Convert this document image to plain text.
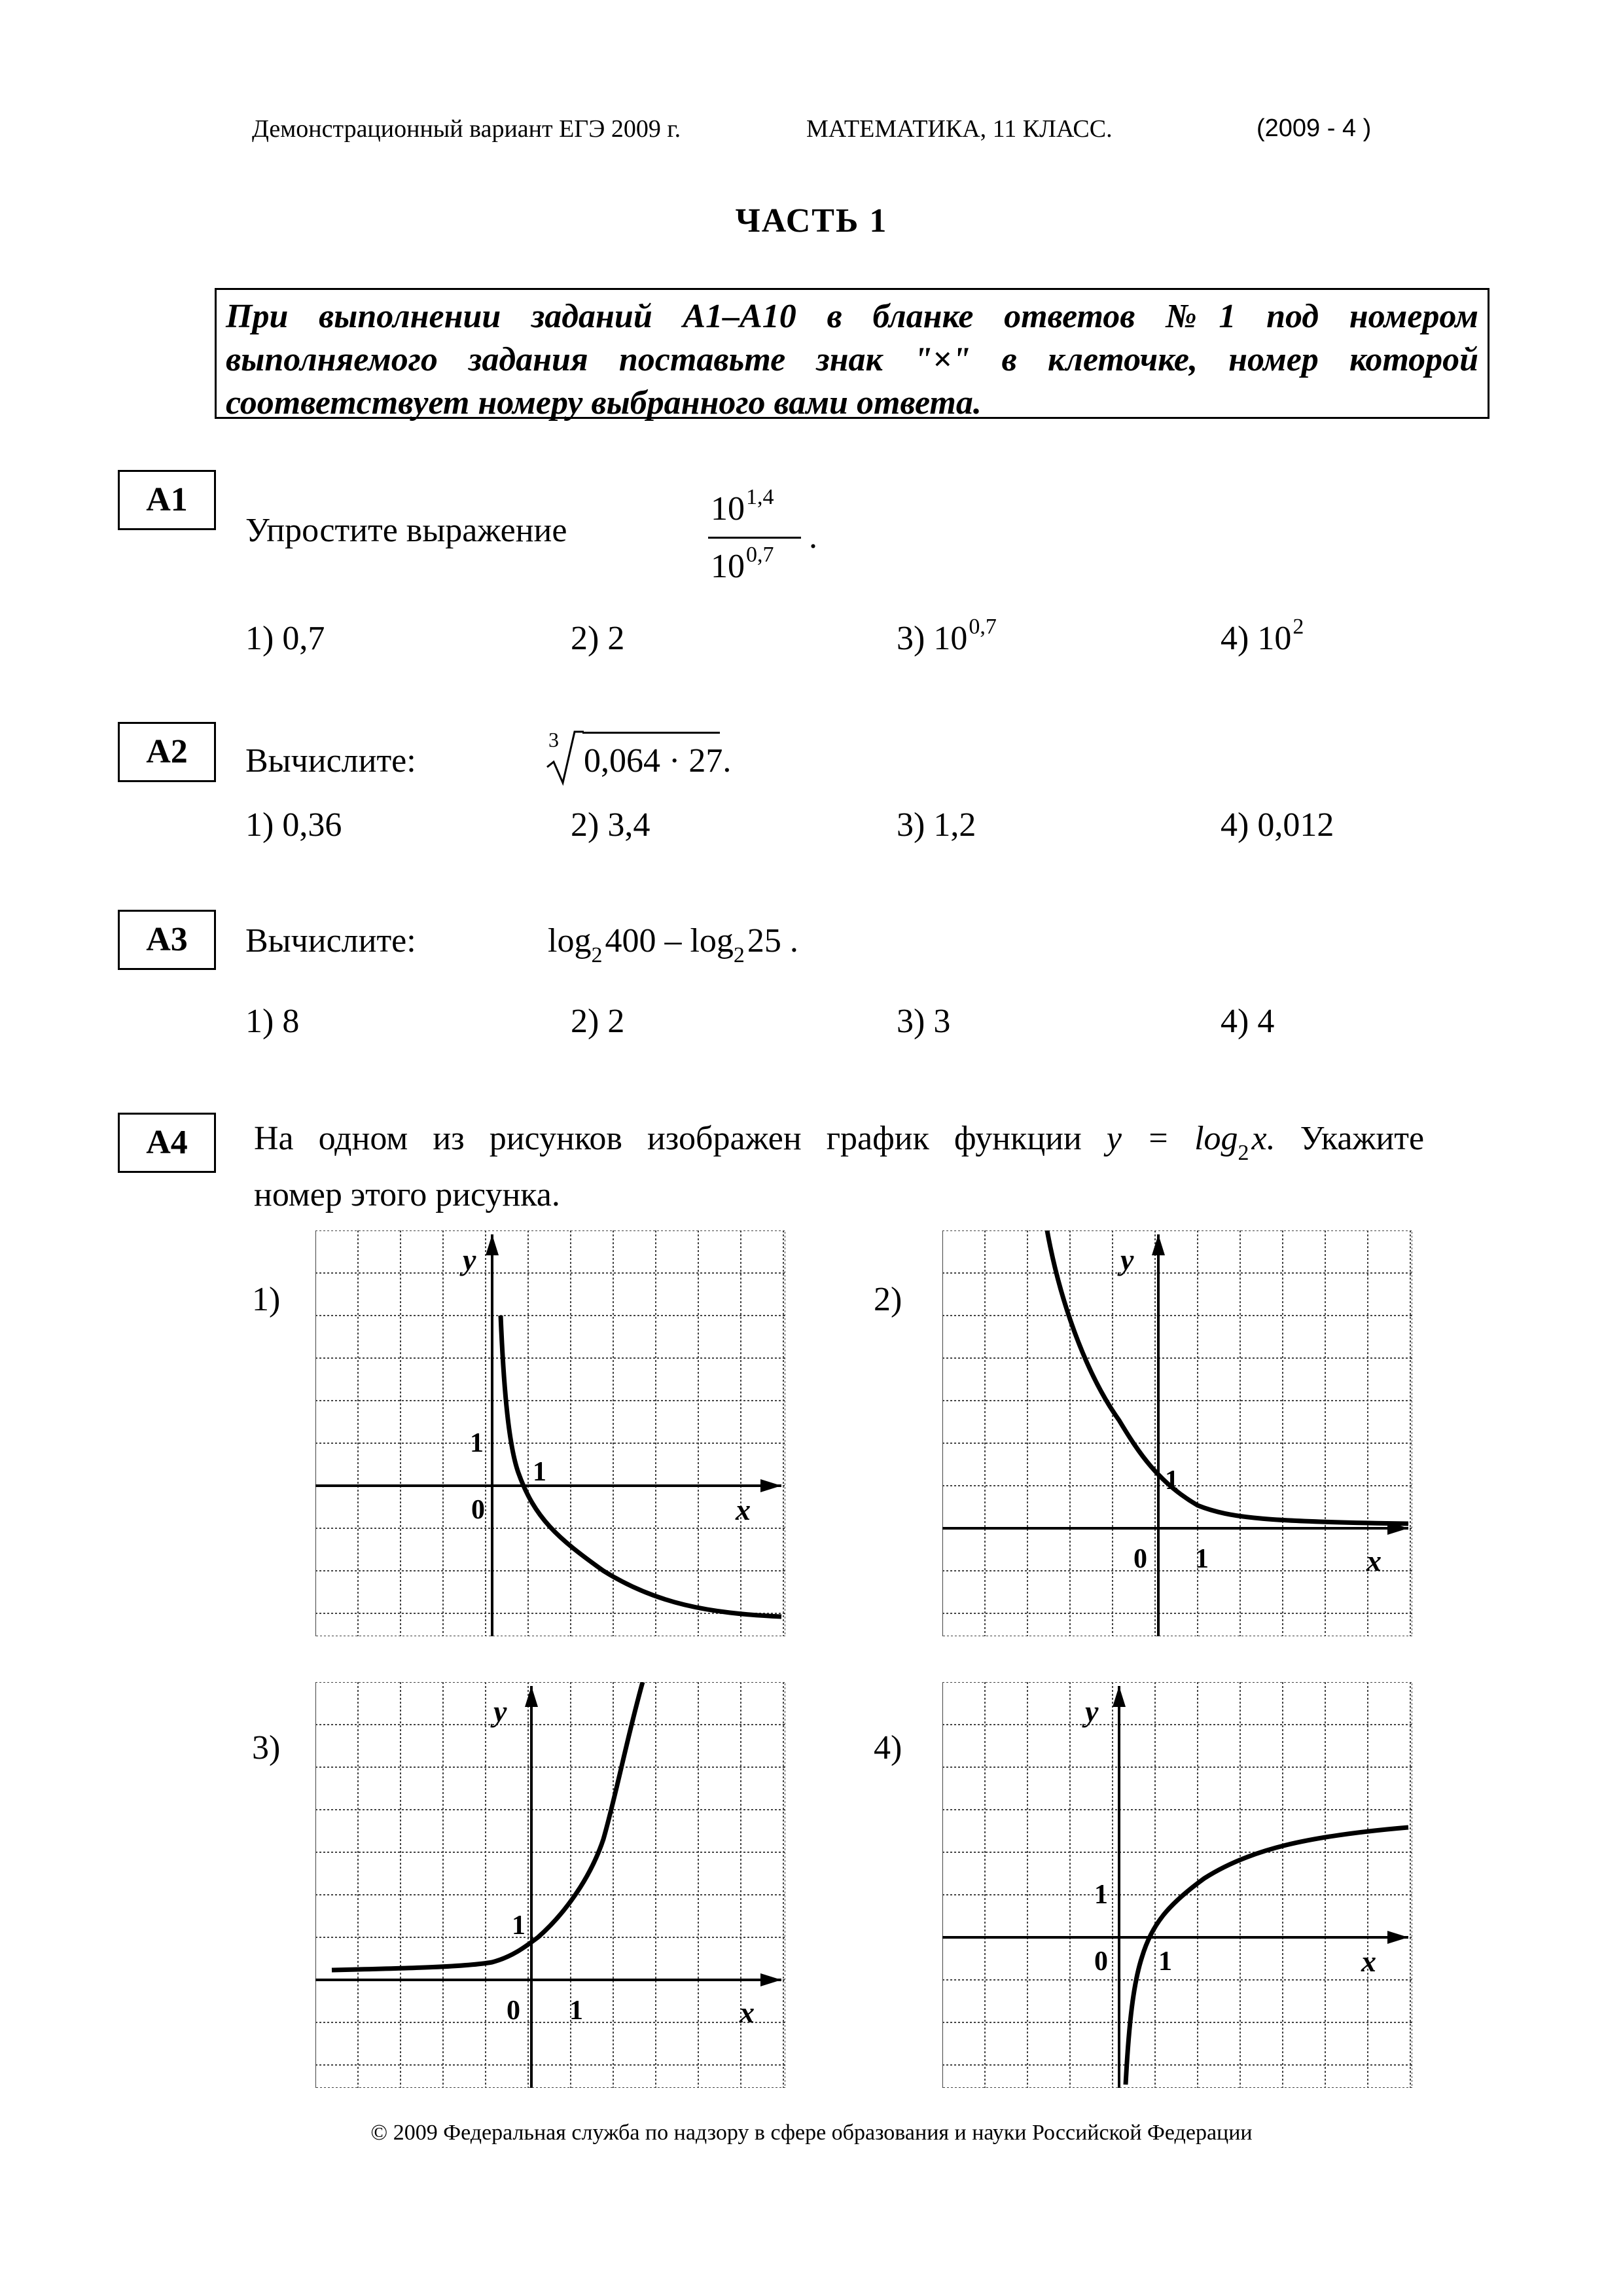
Демонстрационный вариант ЕГЭ 2009 г.	МАТЕМАТИКА, 11 КЛАСС.	(2009 - 4 )
ЧАСТЬ 1
При выполнении заданий А1–А10 в бланке ответов №1 под номером выполняемого задания поставьте знак "×" в клеточке, номер которой соответствует номеру выбранного вами ответа.
А1
Упростите выражение
10$^{1,4}$
10$^{0,7}$ .
1) 0,7	2) 2	3) 10$^{0,7}$	4) $10^2$
А2	Вычислите:
3
0,064 · 27.
1) 0,36	2) 3,4	3) 1,2	4) 0,012
А3	Вычислите:	$\log_2400 - \log_225$ .
1) 8	2) 2	3) 3	4) 4
А4	На одном из рисунков изображен график функции $y = \log_2x$. Укажите
номер этого рисунка.
1)	2)
3)	4)
y
x
0
1
1
y
x
0 1
1
y
x
0 1
1
y
x
0 1
1
© 2009 Федеральная служба по надзору в сфере образования и науки Российской Федерации
